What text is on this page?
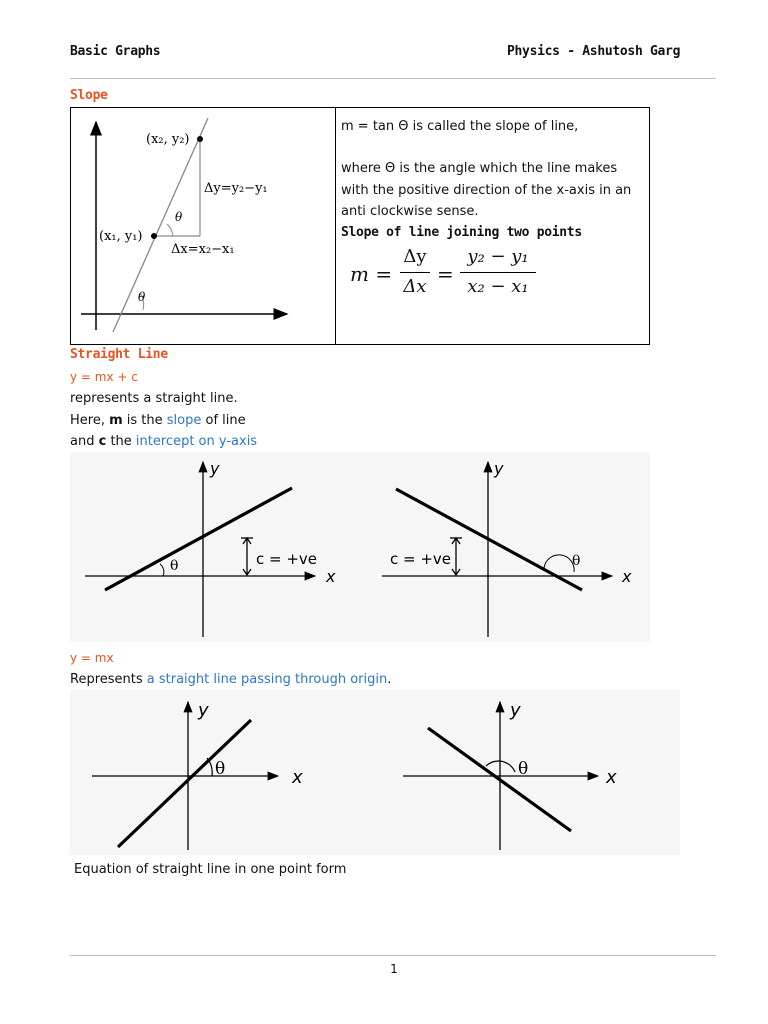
Basic Graphs	Physics - Ashutosh Garg
Slope
(x₂, y₂)
(x₁, y₁)
Δy=y₂−y₁
Δx=x₂−x₁
θ
θ
m = tan Θ is called the slope of line,
where Θ is the angle which the line makes
with the positive direction of the x-axis in an
anti clockwise sense.
Slope of line joining two points
m =
Δy
Δx
=
y₂ − y₁
x₂ − x₁
Straight Line
y = mx + c
represents a straight line.
Here, m is the slope of line
and c the intercept on y-axis
y
x
c = +ve
θ
y
x
c = +ve	θ
y = mx
Represents a straight line passing through origin.
y
x
θ
y
x
θ
Equation of straight line in one point form
1
